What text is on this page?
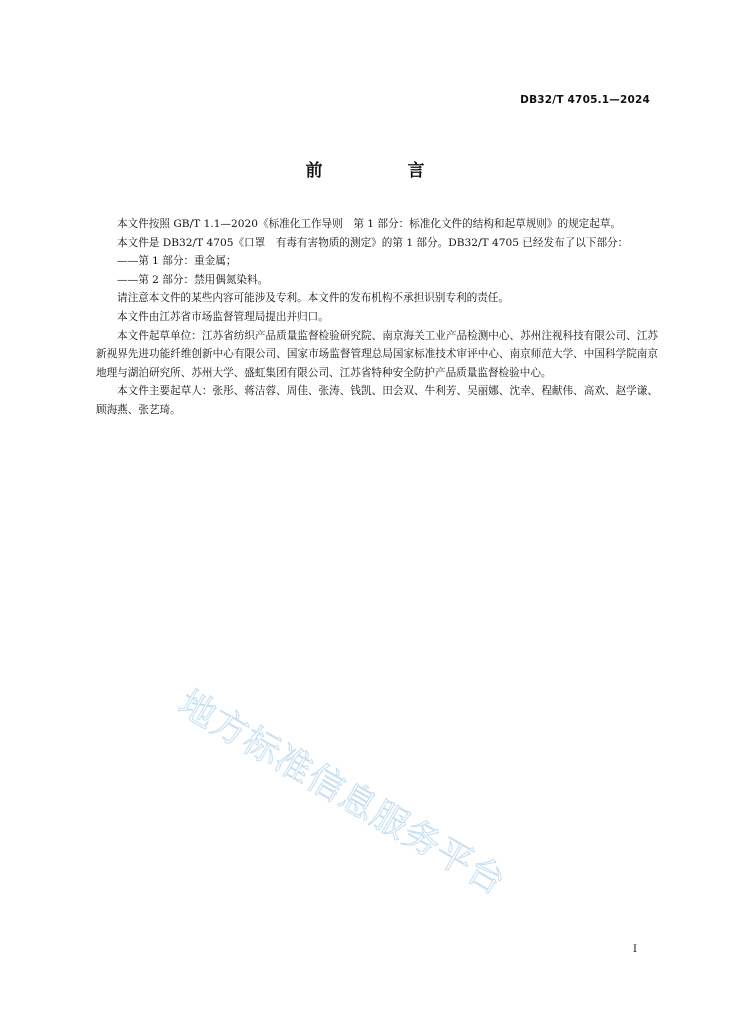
DB32/T 4705.1—2024
前　言

本文件按照 GB/T 1.1—2020《标准化工作导则　第 1 部分：标准化文件的结构和起草规则》的规定起草。

本文件是 DB32/T 4705《口罩　有毒有害物质的测定》的第 1 部分。DB32/T 4705 已经发布了以下部分：

——第 1 部分：重金属；

——第 2 部分：禁用偶氮染料。

请注意本文件的某些内容可能涉及专利。本文件的发布机构不承担识别专利的责任。

本文件由江苏省市场监督管理局提出并归口。

本文件起草单位：江苏省纺织产品质量监督检验研究院、南京海关工业产品检测中心、苏州注视科技有限公司、江苏新视界先进功能纤维创新中心有限公司、国家市场监督管理总局国家标准技术审评中心、南京师范大学、中国科学院南京地理与湖泊研究所、苏州大学、盛虹集团有限公司、江苏省特种安全防护产品质量监督检验中心。

本文件主要起草人：张彤、蒋洁蓉、周佳、张涛、钱凯、田会双、牛利芳、吴丽娜、沈幸、程献伟、高欢、赵学谦、顾海燕、张艺琦。

地方标准信息服务平台
I
